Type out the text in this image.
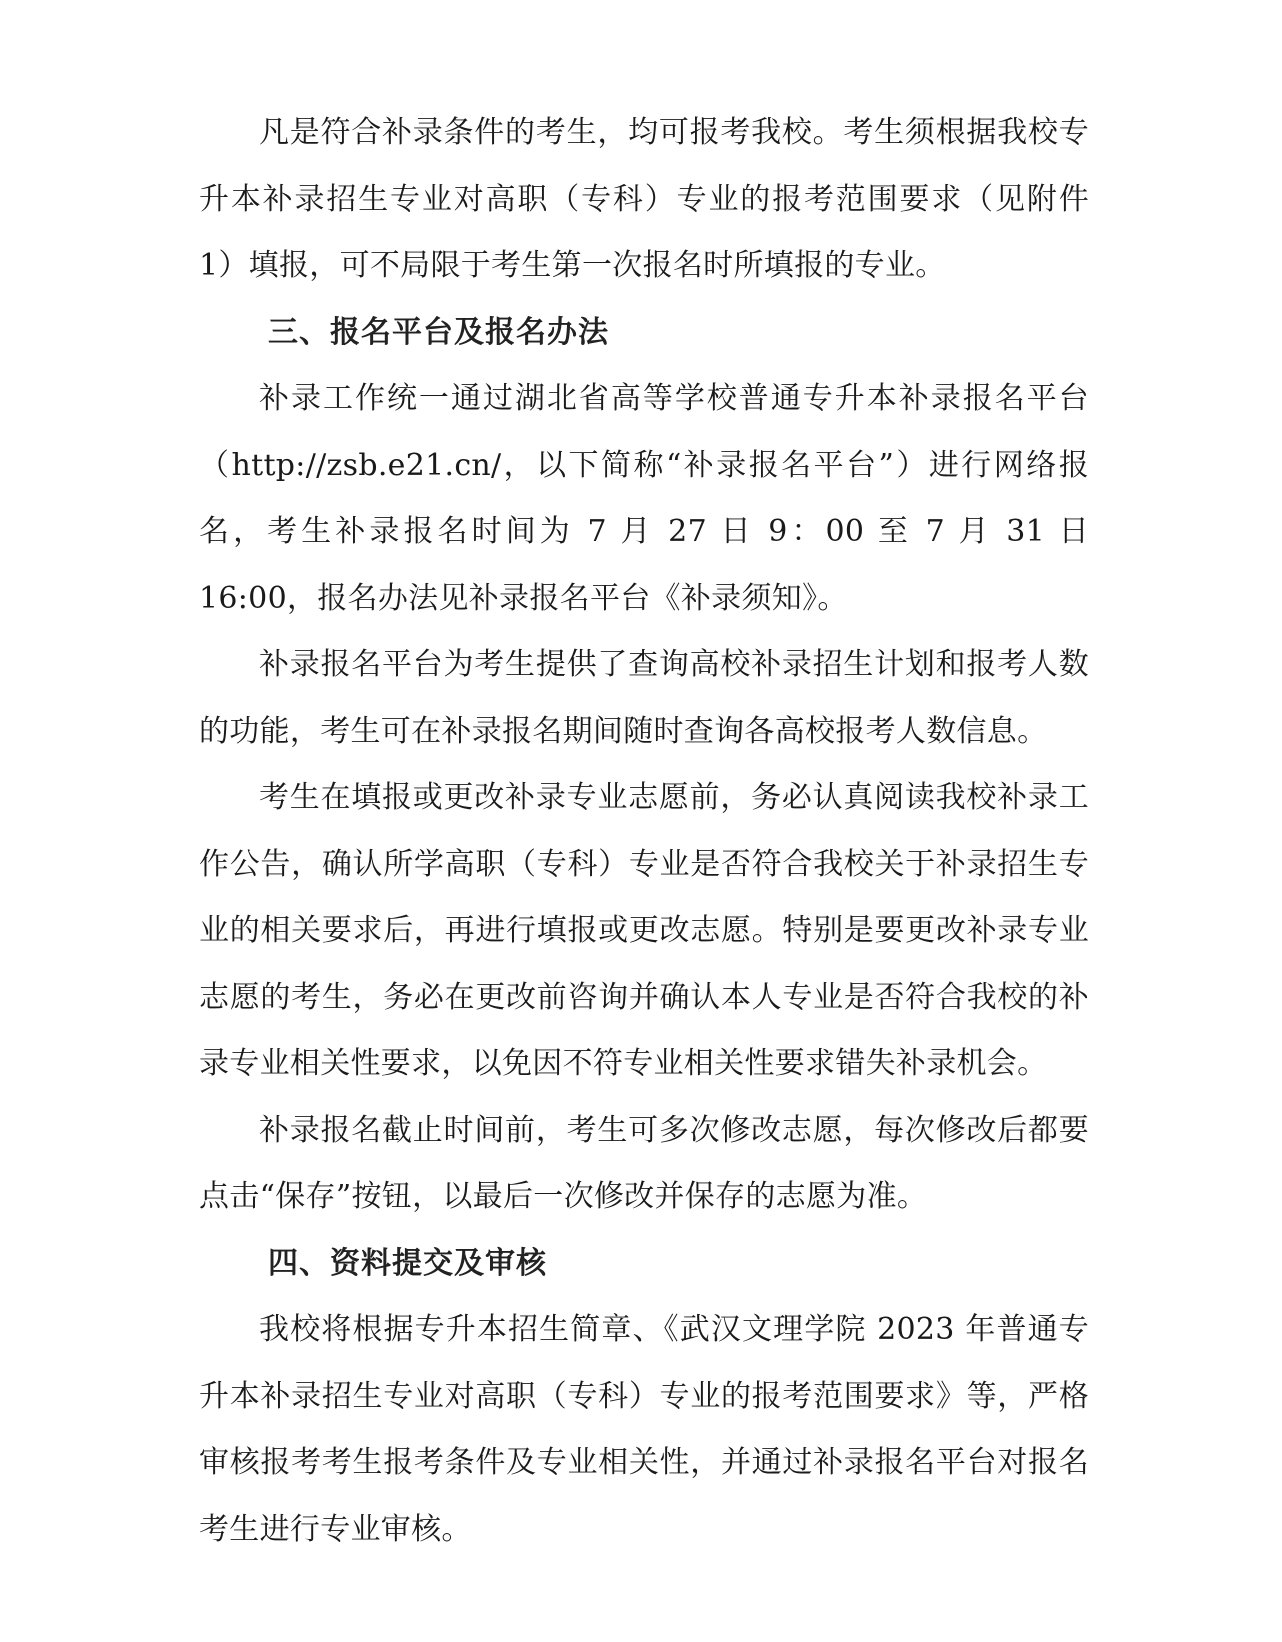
凡是符合补录条件的考生，均可报考我校。考生须根据我校专升本补录招生专业对高职（专科）专业的报考范围要求（见附件 1）填报，可不局限于考生第一次报名时所填报的专业。

三、报名平台及报名办法

补录工作统一通过湖北省高等学校普通专升本补录报名平台（http://zsb.e21.cn/，以下简称“补录报名平台”）进行网络报名，考生补录报名时间为 7 月 27 日 9：00 至 7 月 31 日 16:00，报名办法见补录报名平台《补录须知》。

补录报名平台为考生提供了查询高校补录招生计划和报考人数的功能，考生可在补录报名期间随时查询各高校报考人数信息。

考生在填报或更改补录专业志愿前，务必认真阅读我校补录工作公告，确认所学高职（专科）专业是否符合我校关于补录招生专业的相关要求后，再进行填报或更改志愿。特别是要更改补录专业志愿的考生，务必在更改前咨询并确认本人专业是否符合我校的补录专业相关性要求，以免因不符专业相关性要求错失补录机会。

补录报名截止时间前，考生可多次修改志愿，每次修改后都要点击“保存”按钮，以最后一次修改并保存的志愿为准。

四、资料提交及审核

我校将根据专升本招生简章、《武汉文理学院 2023 年普通专升本补录招生专业对高职（专科）专业的报考范围要求》等，严格审核报考考生报考条件及专业相关性，并通过补录报名平台对报名考生进行专业审核。
